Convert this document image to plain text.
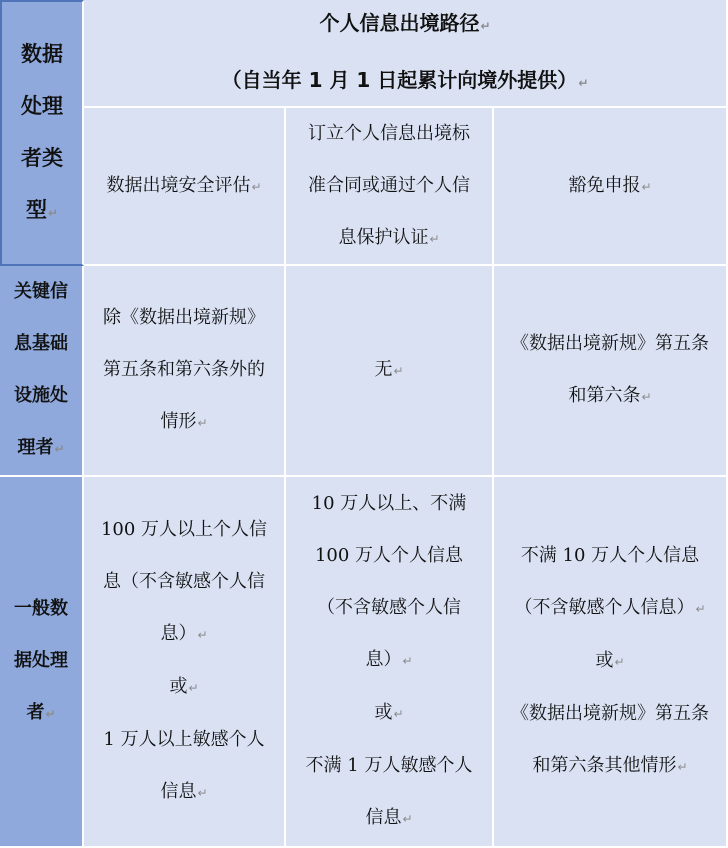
数据
处理
者类
型↵
个人信息出境路径↵
（自当年 1 月 1 日起累计向境外提供）↵
数据出境安全评估↵
订立个人信息出境标
准合同或通过个人信
息保护认证↵
豁免申报↵
关键信
息基础
设施处
理者↵
除《数据出境新规》
第五条和第六条外的
情形↵
无↵
《数据出境新规》第五条
和第六条↵
一般数
据处理
者↵
100 万人以上个人信
息（不含敏感个人信
息）↵
或↵
1 万人以上敏感个人
信息↵
10 万人以上、不满
100 万人个人信息
（不含敏感个人信
息）↵
或↵
不满 1 万人敏感个人
信息↵
不满 10 万人个人信息
（不含敏感个人信息）↵
或↵
《数据出境新规》第五条
和第六条其他情形↵
